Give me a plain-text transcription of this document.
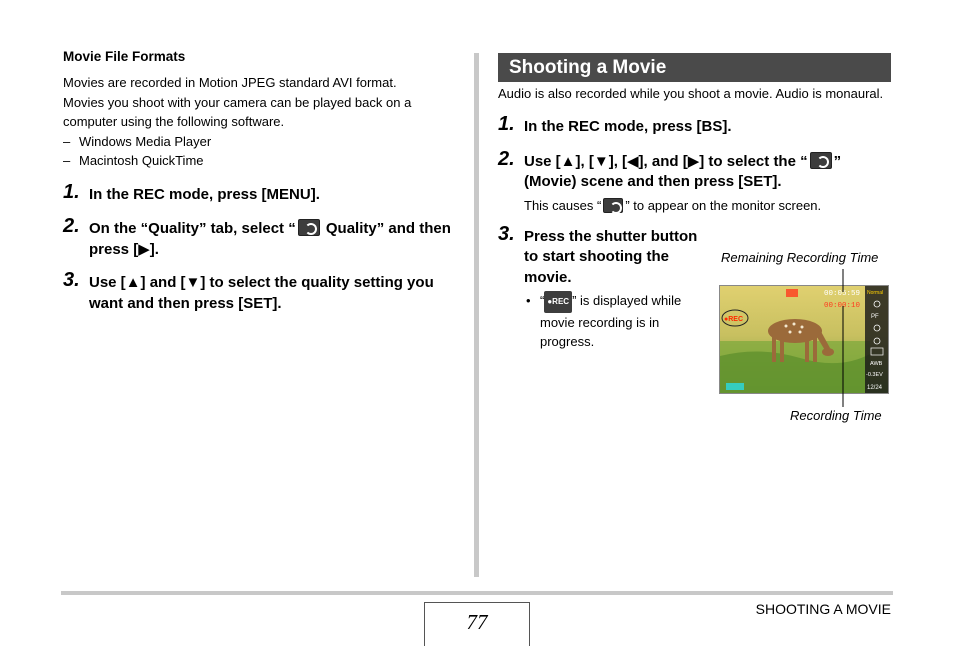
Movie File Formats

Movies are recorded in Motion JPEG standard AVI format.

Movies you shoot with your camera can be played back on a computer using the following software.

– Windows Media Player
– Macintosh QuickTime
1. In the REC mode, press [MENU].
2. On the “Quality” tab, select “ Quality” and then press [▶].
3. Use [▲] and [▼] to select the quality setting you want and then press [SET].
Shooting a Movie

Audio is also recorded while you shoot a movie. Audio is monaural.

1. In the REC mode, press [BS].
2. Use [▲], [▼], [◀], and [▶] to select the “ ” (Movie) scene and then press [SET].
This causes “ ” to appear on the monitor screen.
3. Press the shutter button to start shooting the movie.
• “ ●REC ” is displayed while movie recording is in progress.
Remaining Recording Time
Recording Time
Normal
PF
AWB
-0.3EV
12/24
00:05:59
00:00:10
●REC
77
SHOOTING A MOVIE
